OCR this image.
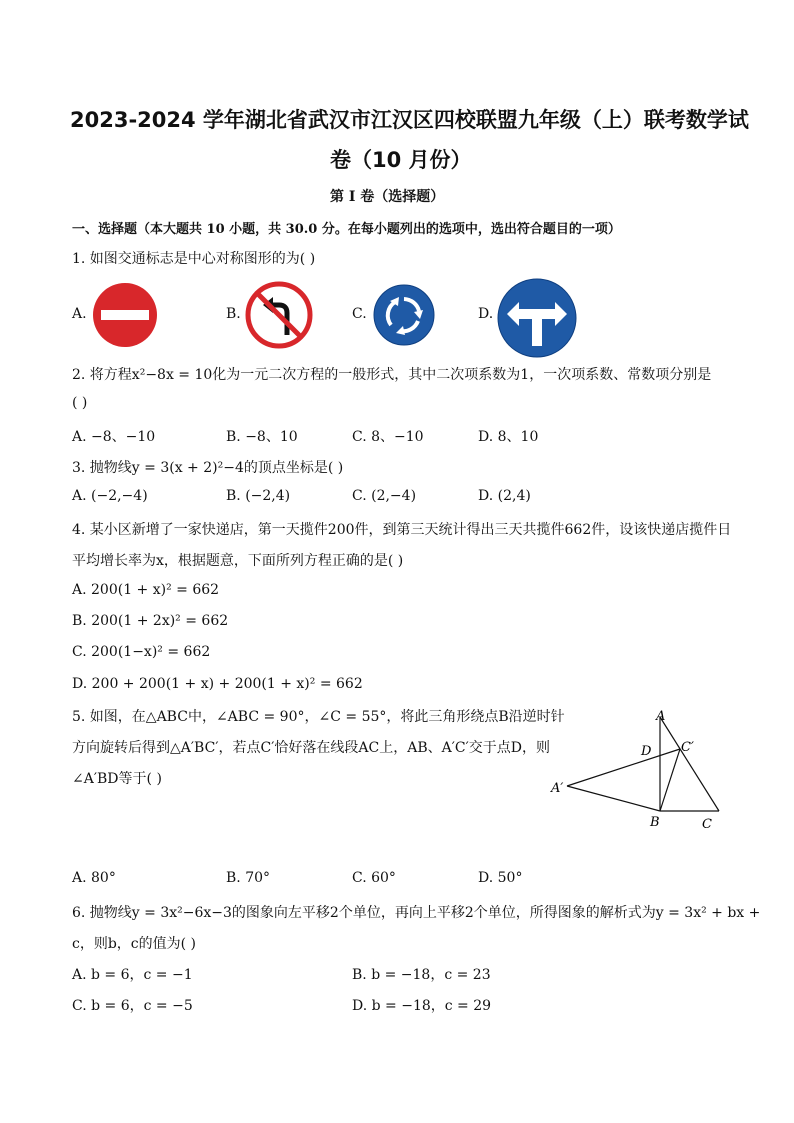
2023-2024 学年湖北省武汉市江汉区四校联盟九年级（上）联考数学试
卷（10 月份）
第 I 卷（选择题）
一、选择题（本大题共 10 小题，共 30.0 分。在每小题列出的选项中，选出符合题目的一项）
1. 如图交通标志是中心对称图形的为( )
A.	B.	C.	D.
2. 将方程x²−8x = 10化为一元二次方程的一般形式，其中二次项系数为1，一次项系数、常数项分别是
( )
A. −8、−10	B. −8、10	C. 8、−10	D. 8、10
3. 抛物线y = 3(x + 2)²−4的顶点坐标是( )
A. (−2,−4)	B. (−2,4)	C. (2,−4)	D. (2,4)
4. 某小区新增了一家快递店，第一天揽件200件，到第三天统计得出三天共揽件662件，设该快递店揽件日
平均增长率为x，根据题意，下面所列方程正确的是( )
A. 200(1 + x)² = 662
B. 200(1 + 2x)² = 662
C. 200(1−x)² = 662
D. 200 + 200(1 + x) + 200(1 + x)² = 662
5. 如图，在△ABC中，∠ABC = 90°，∠C = 55°，将此三角形绕点B沿逆时针
方向旋转后得到△A′BC′，若点C′恰好落在线段AC上，AB、A′C′交于点D，则
∠A′BD等于( )
A
D C′
A′
B	C
A. 80°	B. 70°	C. 60°	D. 50°
6. 抛物线y = 3x²−6x−3的图象向左平移2个单位，再向上平移2个单位，所得图象的解析式为y = 3x² + bx +
c，则b，c的值为( )
A. b = 6，c = −1	B. b = −18，c = 23
C. b = 6，c = −5	D. b = −18，c = 29
